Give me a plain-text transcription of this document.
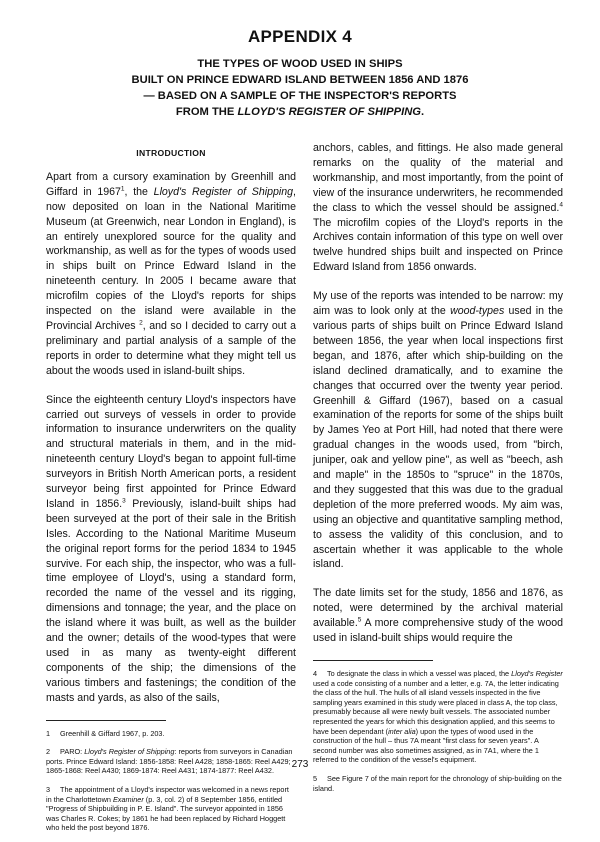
APPENDIX 4
THE TYPES OF WOOD USED IN SHIPS
BUILT ON PRINCE EDWARD ISLAND BETWEEN 1856 AND 1876
— BASED ON A SAMPLE OF THE INSPECTOR'S REPORTS
FROM THE LLOYD'S REGISTER OF SHIPPING.
INTRODUCTION

Apart from a cursory examination by Greenhill and Giffard in 1967$^1$, the Lloyd's Register of Shipping, now deposited on loan in the National Maritime Museum (at Greenwich, near London in England), is an entirely unexplored source for the quality and workmanship, as well as for the types of woods used in ships built on Prince Edward Island in the nineteenth century. In 2005 I became aware that microfilm copies of the Lloyd's reports for ships inspected on the island were available in the Provincial Archives $^2$, and so I decided to carry out a preliminary and partial analysis of a sample of the reports in order to determine what they might tell us about the woods used in island-built ships.

Since the eighteenth century Lloyd's inspectors have carried out surveys of vessels in order to provide information to insurance underwriters on the quality and structural materials in them, and in the mid-nineteenth century Lloyd's began to appoint full-time surveyors in British North American ports, a resident surveyor being first appointed for Prince Edward Island in 1856.$^3$ Previously, island-built ships had been surveyed at the port of their sale in the British Isles. According to the National Maritime Museum the original report forms for the period 1834 to 1945 survive. For each ship, the inspector, who was a full-time employee of Lloyd's, using a standard form, recorded the name of the vessel and its rigging, dimensions and tonnage; the year, and the place on the island where it was built, as well as the builder and the owner; details of the wood-types that were used in as many as twenty-eight different components of the ship; the dimensions of the various timbers and fastenings; the condition of the masts and yards, as also of the sails,

1 Greenhill & Giffard 1967, p. 203.
2 PARO: Lloyd's Register of Shipping: reports from surveyors in Canadian ports. Prince Edward Island: 1856-1858: Reel A428; 1858-1865: Reel A429; 1865-1868: Reel A430; 1869-1874: Reel A431; 1874-1877: Reel A432.
3 The appointment of a Lloyd's inspector was welcomed in a news report in the Charlottetown Examiner (p. 3, col. 2) of 8 September 1856, entitled "Progress of Shipbuilding in P. E. Island". The surveyor appointed in 1856 was Charles R. Cokes; by 1861 he had been replaced by Richard Hoggett who held the post beyond 1876.

anchors, cables, and fittings. He also made general remarks on the quality of the material and workmanship, and most importantly, from the point of view of the insurance underwriters, he recommended the class to which the vessel should be assigned.$^4$ The microfilm copies of the Lloyd's reports in the Archives contain information of this type on well over twelve hundred ships built and inspected on Prince Edward Island from 1856 onwards.

My use of the reports was intended to be narrow: my aim was to look only at the wood-types used in the various parts of ships built on Prince Edward Island between 1856, the year when local inspections first began, and 1876, after which ship-building on the island declined dramatically, and to examine the changes that occurred over the twenty year period. Greenhill & Giffard (1967), based on a casual examination of the reports for some of the ships built by James Yeo at Port Hill, had noted that there were gradual changes in the woods used, from "birch, juniper, oak and yellow pine", as well as "beech, ash and maple" in the 1850s to "spruce" in the 1870s, and they suggested that this was due to the gradual depletion of the more preferred woods. My aim was, using an objective and quantitative sampling method, to assess the validity of this conclusion, and to ascertain whether it was applicable to the whole island.

The date limits set for the study, 1856 and 1876, as noted, were determined by the archival material available.$^5$ A more comprehensive study of the wood used in island-built ships would require the

4 To designate the class in which a vessel was placed, the Lloyd's Register used a code consisting of a number and a letter, e.g. 7A, the letter indicating the class of the hull. The hulls of all island vessels inspected in the five sampling years examined in this study were placed in class A, the top class, presumably because all were newly built vessels. The associated number represented the years for which this designation applied, and this seems to have been dependant (inter alia) upon the types of wood used in the construction of the hull – thus 7A meant "first class for seven years". A second number was also sometimes assigned, as in 7A1, where the 1 referred to the condition of the vessel's equipment.
5 See Figure 7 of the main report for the chronology of ship-building on the island.
273
